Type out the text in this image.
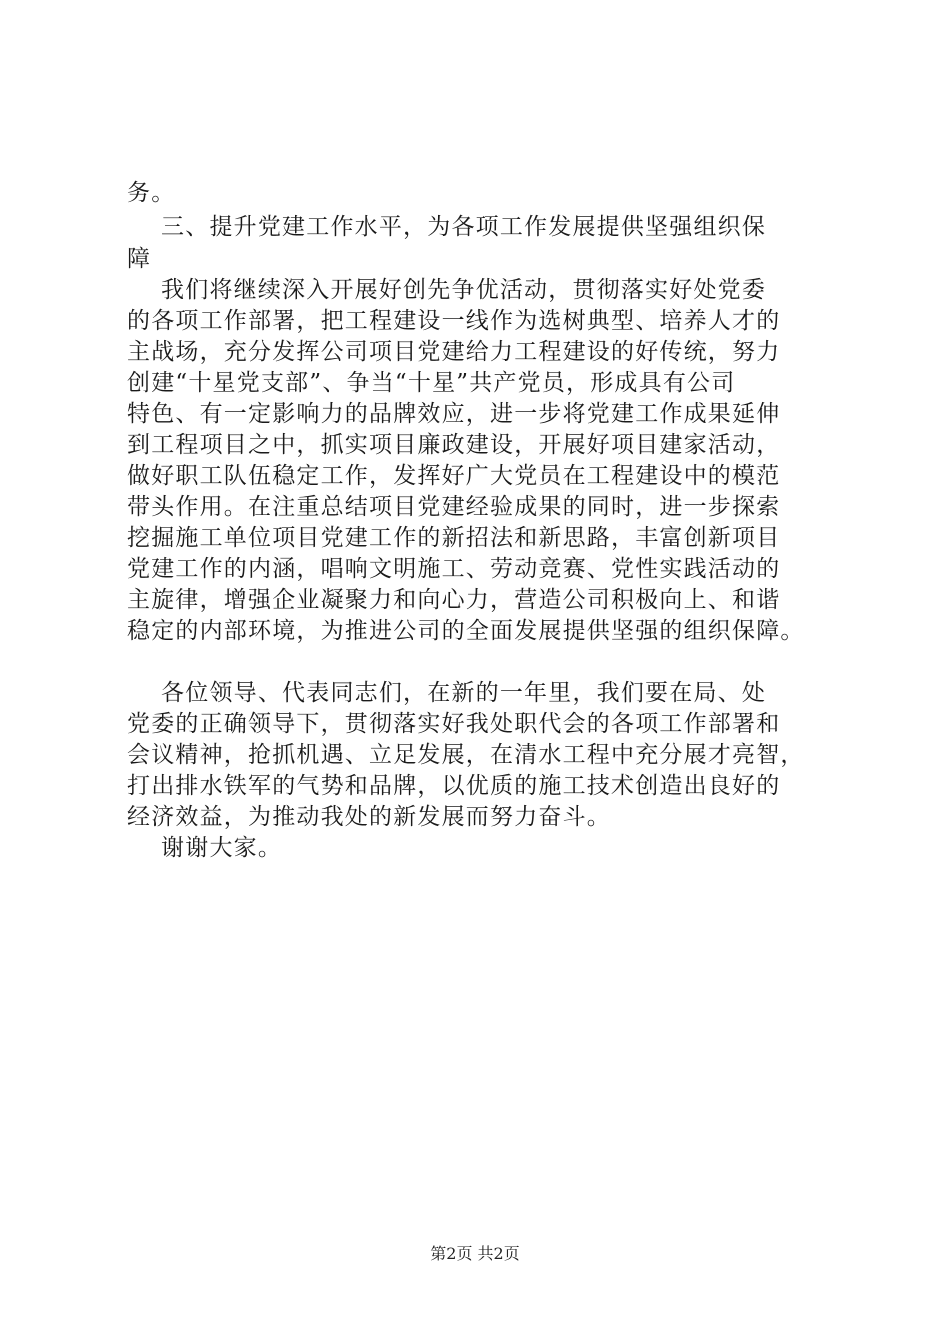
务。
三、提升党建工作水平，为各项工作发展提供坚强组织保
障
我们将继续深入开展好创先争优活动，贯彻落实好处党委
的各项工作部署，把工程建设一线作为选树典型、培养人才的
主战场，充分发挥公司项目党建给力工程建设的好传统，努力
创建“十星党支部”、争当“十星”共产党员，形成具有公司
特色、有一定影响力的品牌效应，进一步将党建工作成果延伸
到工程项目之中，抓实项目廉政建设，开展好项目建家活动，
做好职工队伍稳定工作，发挥好广大党员在工程建设中的模范
带头作用。在注重总结项目党建经验成果的同时，进一步探索
挖掘施工单位项目党建工作的新招法和新思路，丰富创新项目
党建工作的内涵，唱响文明施工、劳动竞赛、党性实践活动的
主旋律，增强企业凝聚力和向心力，营造公司积极向上、和谐
稳定的内部环境，为推进公司的全面发展提供坚强的组织保障。
各位领导、代表同志们，在新的一年里，我们要在局、处
党委的正确领导下，贯彻落实好我处职代会的各项工作部署和
会议精神，抢抓机遇、立足发展，在清水工程中充分展才亮智，
打出排水铁军的气势和品牌，以优质的施工技术创造出良好的
经济效益，为推动我处的新发展而努力奋斗。
谢谢大家。
第2页 共2页
